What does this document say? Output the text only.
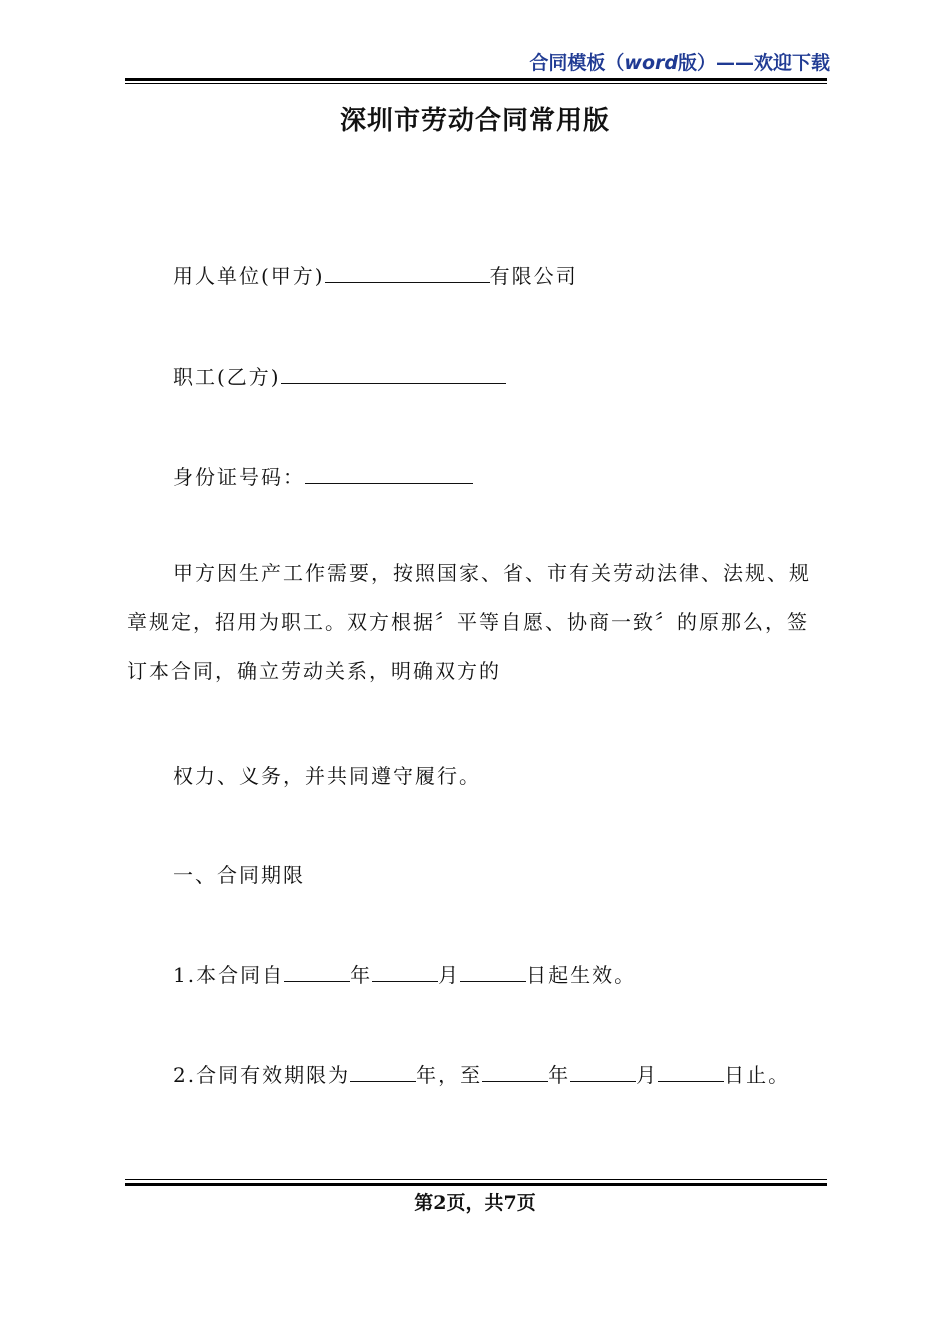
合同模板（word版）——欢迎下载
深圳市劳动合同常用版
用人单位(甲方)	有限公司
职工(乙方)
身份证号码：
甲方因生产工作需要，按照国家、省、市有关劳动法律、法规、规章规定，招用为职工。双方根据〞平等自愿、协商一致〞的原那么，签订本合同，确立劳动关系，明确双方的
权力、义务，并共同遵守履行。
一、合同期限
1.本合同自	年	月	日起生效。
2.合同有效期限为	年，至	年	月	日止。
第2页，共7页
